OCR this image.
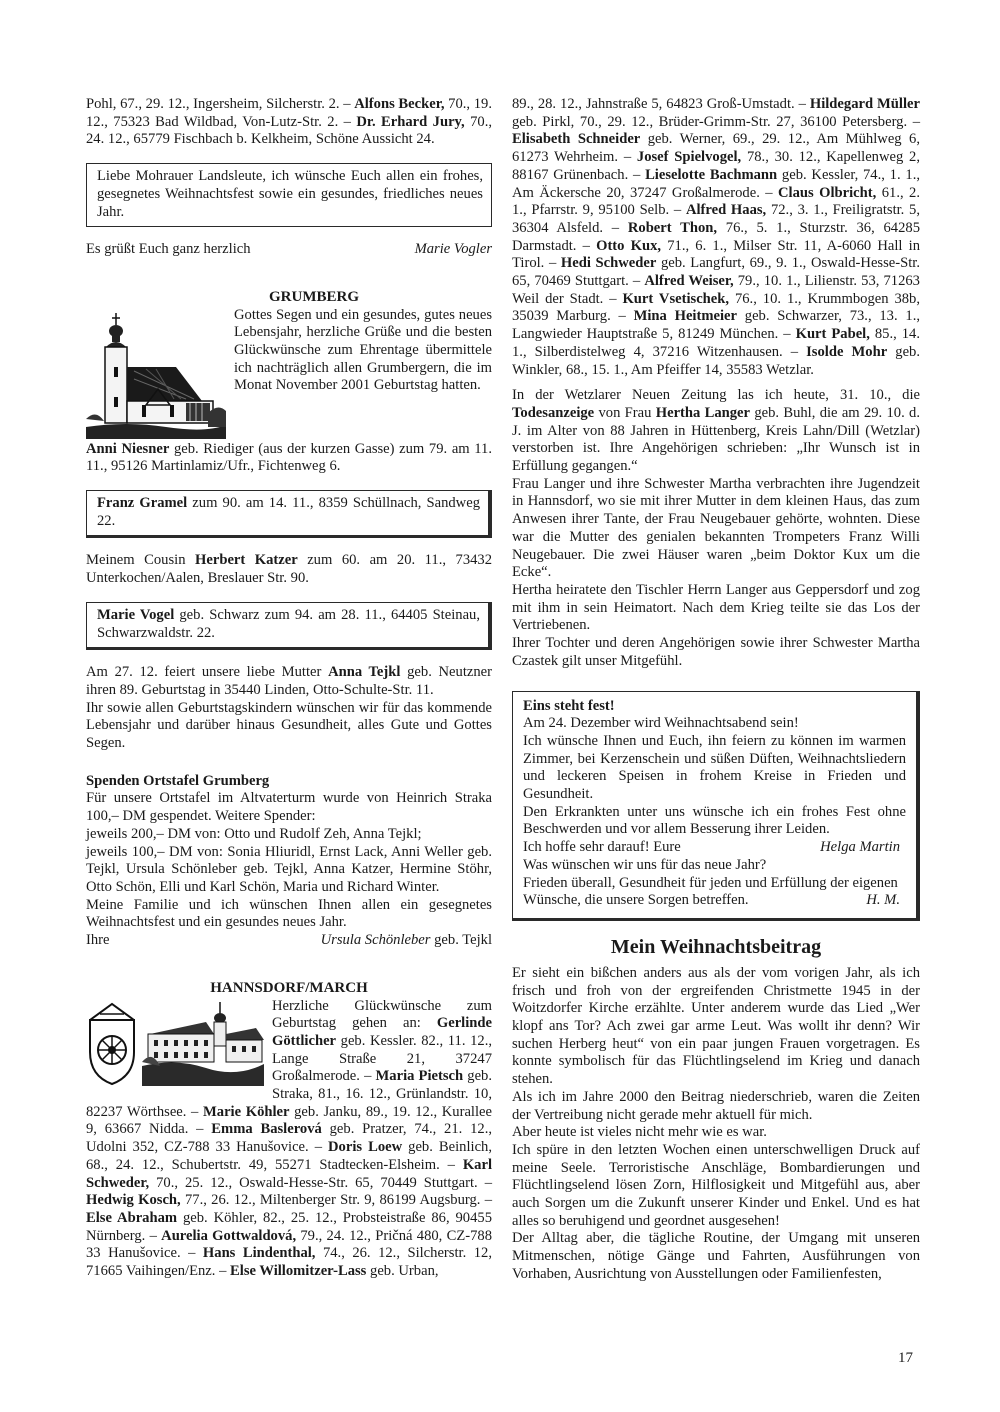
Pohl, 67., 29. 12., Ingersheim, Silcherstr. 2. – Alfons Becker, 70., 19. 12., 75323 Bad Wildbad, Von-Lutz-Str. 2. – Dr. Erhard Jury, 70., 24. 12., 65779 Fischbach b. Kelkheim, Schöne Aussicht 24.

Liebe Mohrauer Landsleute, ich wünsche Euch allen ein frohes, gesegnetes Weihnachtsfest sowie ein gesundes, friedliches neues Jahr.

Es grüßt Euch ganz herzlich	Marie Vogler
GRUMBERG

Gottes Segen und ein gesundes, gutes neues Lebensjahr, herzliche Grüße und die besten Glückwünsche zum Ehrentage übermittele ich nachträglich allen Grumbergern, die im Monat November 2001 Geburtstag hatten.

Anni Niesner geb. Riediger (aus der kurzen Gasse) zum 79. am 11. 11., 95126 Martinlamiz/Ufr., Fichtenweg 6.

Franz Gramel zum 90. am 14. 11., 8359 Schüllnach, Sandweg 22.

Meinem Cousin Herbert Katzer zum 60. am 20. 11., 73432 Unterkochen/Aalen, Breslauer Str. 90.

Marie Vogel geb. Schwarz zum 94. am 28. 11., 64405 Steinau, Schwarzwaldstr. 22.

Am 27. 12. feiert unsere liebe Mutter Anna Tejkl geb. Neutzner ihren 89. Geburtstag in 35440 Linden, Otto-Schulte-Str. 11.

Ihr sowie allen Geburtstagskindern wünschen wir für das kommende Lebensjahr und darüber hinaus Gesundheit, alles Gute und Gottes Segen.

Spenden Ortstafel Grumberg

Für unsere Ortstafel im Altvaterturm wurde von Heinrich Straka 100,– DM gespendet. Weitere Spender:

jeweils 200,– DM von: Otto und Rudolf Zeh, Anna Tejkl;

jeweils 100,– DM von: Sonia Hliuridl, Ernst Lack, Anni Weller geb. Tejkl, Ursula Schönleber geb. Tejkl, Anna Katzer, Hermine Stöhr, Otto Schön, Elli und Karl Schön, Maria und Richard Winter.

Meine Familie und ich wünschen Ihnen allen ein gesegnetes Weihnachtsfest und ein gesundes neues Jahr.

Ihre	Ursula Schönleber geb. Tejkl
HANNSDORF/MARCH

Herzliche Glückwünsche zum Geburtstag gehen an: Gerlinde Göttlicher geb. Kessler. 82., 11. 12., Lange Straße 21, 37247 Großalmerode. – Maria Pietsch geb. Straka, 81., 16. 12., Grünlandstr. 10, 82237 Wörthsee. – Marie Köhler geb. Janku, 89., 19. 12., Kurallee 9, 63667 Nidda. – Emma Baslerová geb. Pratzer, 74., 21. 12., Udolni 352, CZ-788 33 Hanušovice. – Doris Loew geb. Beinlich, 68., 24. 12., Schubertstr. 49, 55271 Stadtecken-Elsheim. – Karl Schweder, 70., 25. 12., Oswald-Hesse-Str. 65, 70449 Stuttgart. – Hedwig Kosch, 77., 26. 12., Miltenberger Str. 9, 86199 Augsburg. – Else Abraham geb. Köhler, 82., 25. 12., Probsteistraße 86, 90455 Nürnberg. – Aurelia Gottwaldová, 79., 24. 12., Pričná 480, CZ-788 33 Hanušovice. – Hans Lindenthal, 74., 26. 12., Silcherstr. 12, 71665 Vaihingen/Enz. – Else Willomitzer-Lass geb. Urban,

89., 28. 12., Jahnstraße 5, 64823 Groß-Umstadt. – Hildegard Müller geb. Pirkl, 70., 29. 12., Brüder-Grimm-Str. 27, 36100 Petersberg. – Elisabeth Schneider geb. Werner, 69., 29. 12., Am Mühlweg 6, 61273 Wehrheim. – Josef Spielvogel, 78., 30. 12., Kapellenweg 2, 88167 Grünenbach. – Lieselotte Bachmann geb. Kessler, 74., 1. 1., Am Äckersche 20, 37247 Großalmerode. – Claus Olbricht, 61., 2. 1., Pfarrstr. 9, 95100 Selb. – Alfred Haas, 72., 3. 1., Freiligratstr. 5, 36304 Alsfeld. – Robert Thon, 76., 5. 1., Sturzstr. 36, 64285 Darmstadt. – Otto Kux, 71., 6. 1., Milser Str. 11, A-6060 Hall in Tirol. – Hedi Schweder geb. Langfurt, 69., 9. 1., Oswald-Hesse-Str. 65, 70469 Stuttgart. – Alfred Weiser, 79., 10. 1., Lilienstr. 53, 71263 Weil der Stadt. – Kurt Vsetischek, 76., 10. 1., Krummbogen 38b, 35039 Marburg. – Mina Heitmeier geb. Schwarzer, 73., 13. 1., Langwieder Hauptstraße 5, 81249 München. – Kurt Pabel, 85., 14. 1., Silberdistelweg 4, 37216 Witzenhausen. – Isolde Mohr geb. Winkler, 68., 15. 1., Am Pfeiffer 14, 35583 Wetzlar.

In der Wetzlarer Neuen Zeitung las ich heute, 31. 10., die Todesanzeige von Frau Hertha Langer geb. Buhl, die am 29. 10. d. J. im Alter von 88 Jahren in Hüttenberg, Kreis Lahn/Dill (Wetzlar) verstorben ist. Ihre Angehörigen schrieben: „Ihr Wunsch ist in Erfüllung gegangen.“

Frau Langer und ihre Schwester Martha verbrachten ihre Jugendzeit in Hannsdorf, wo sie mit ihrer Mutter in dem kleinen Haus, das zum Anwesen ihrer Tante, der Frau Neugebauer gehörte, wohnten. Diese war die Mutter des genialen bekannten Trompeters Franz Willi Neugebauer. Die zwei Häuser waren „beim Doktor Kux um die Ecke“.

Hertha heiratete den Tischler Herrn Langer aus Geppersdorf und zog mit ihm in sein Heimatort. Nach dem Krieg teilte sie das Los der Vertriebenen.

Ihrer Tochter und deren Angehörigen sowie ihrer Schwester Martha Czastek gilt unser Mitgefühl.

Eins steht fest!

Am 24. Dezember wird Weihnachtsabend sein!

Ich wünsche Ihnen und Euch, ihn feiern zu können im warmen Zimmer, bei Kerzenschein und süßen Düften, Weihnachtsliedern und leckeren Speisen in frohem Kreise in Frieden und Gesundheit.

Den Erkrankten unter uns wünsche ich ein frohes Fest ohne Beschwerden und vor allem Besserung ihrer Leiden.

Ich hoffe sehr darauf! Eure	Helga Martin

Was wünschen wir uns für das neue Jahr?

Frieden überall, Gesundheit für jeden und Erfüllung der eigenen Wünsche, die unsere Sorgen betreffen.	H. M.

Mein Weihnachtsbeitrag

Er sieht ein bißchen anders aus als der vom vorigen Jahr, als ich frisch und froh von der ergreifenden Christmette 1945 in der Woitzdorfer Kirche erzählte. Unter anderem wurde das Lied „Wer klopf ans Tor? Ach zwei gar arme Leut. Was wollt ihr denn? Wir suchen Herberg heut“ von ein paar jungen Frauen vorgetragen. Es konnte symbolisch für das Flüchtlingselend im Krieg und danach stehen.

Als ich im Jahre 2000 den Beitrag niederschrieb, waren die Zeiten der Vertreibung nicht gerade mehr aktuell für mich.

Aber heute ist vieles nicht mehr wie es war.

Ich spüre in den letzten Wochen einen unterschwelligen Druck auf meine Seele. Terroristische Anschläge, Bombardierungen und Flüchtlingselend lösen Zorn, Hilflosigkeit und Mitgefühl aus, aber auch Sorgen um die Zukunft unserer Kinder und Enkel. Und es hat alles so beruhigend und geordnet ausgesehen!

Der Alltag aber, die tägliche Routine, der Umgang mit unseren Mitmenschen, nötige Gänge und Fahrten, Ausführungen von Vorhaben, Ausrichtung von Ausstellungen oder Familienfesten,

17
